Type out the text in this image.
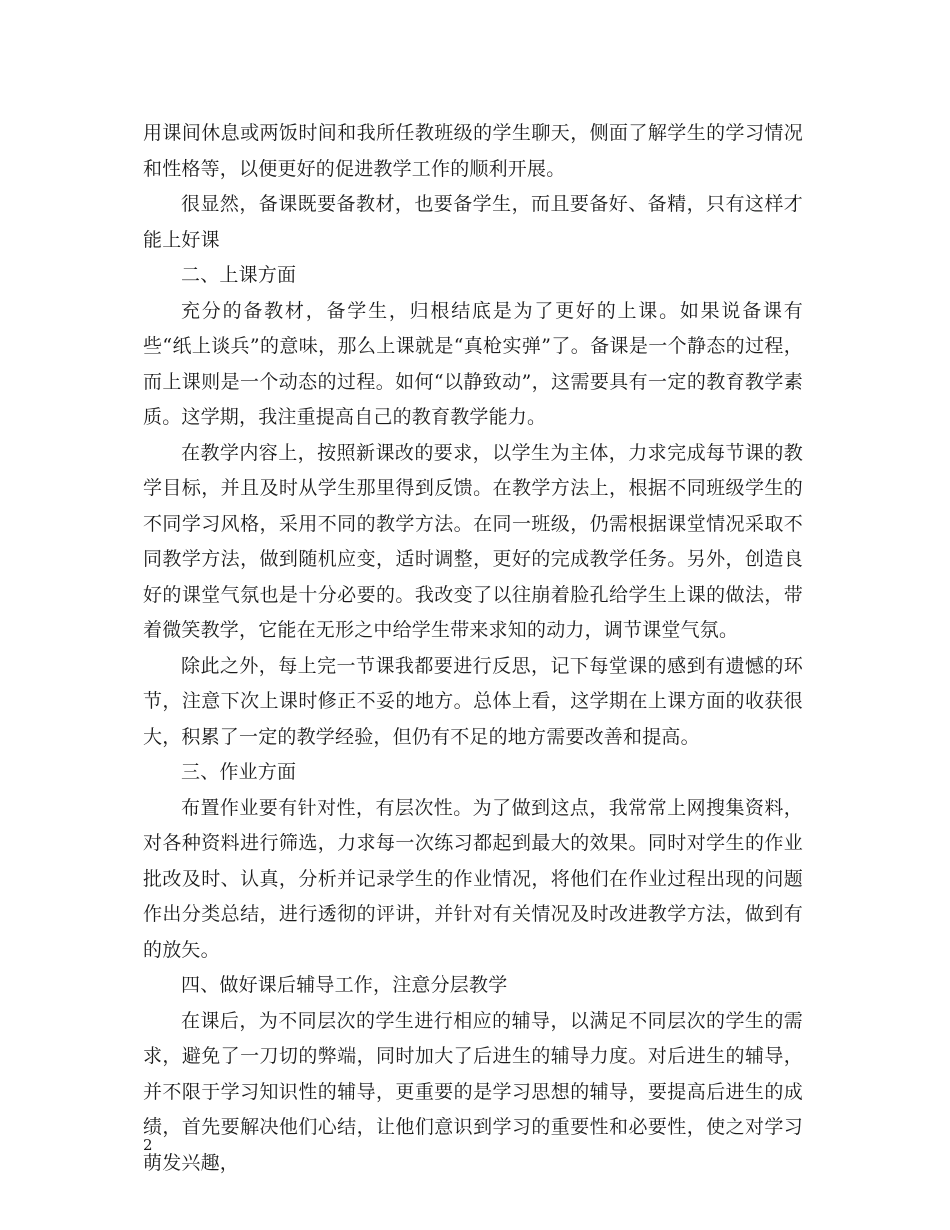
用课间休息或两饭时间和我所任教班级的学生聊天，侧面了解学生的学习情况和性格等，以便更好的促进教学工作的顺利开展。

很显然，备课既要备教材，也要备学生，而且要备好、备精，只有这样才能上好课

二、上课方面

充分的备教材，备学生，归根结底是为了更好的上课。如果说备课有些“纸上谈兵”的意味，那么上课就是“真枪实弹”了。备课是一个静态的过程，而上课则是一个动态的过程。如何“以静致动”，这需要具有一定的教育教学素质。这学期，我注重提高自己的教育教学能力。

在教学内容上，按照新课改的要求，以学生为主体，力求完成每节课的教学目标，并且及时从学生那里得到反馈。在教学方法上，根据不同班级学生的不同学习风格，采用不同的教学方法。在同一班级，仍需根据课堂情况采取不同教学方法，做到随机应变，适时调整，更好的完成教学任务。另外，创造良好的课堂气氛也是十分必要的。我改变了以往崩着脸孔给学生上课的做法，带着微笑教学，它能在无形之中给学生带来求知的动力，调节课堂气氛。

除此之外，每上完一节课我都要进行反思，记下每堂课的感到有遗憾的环节，注意下次上课时修正不妥的地方。总体上看，这学期在上课方面的收获很大，积累了一定的教学经验，但仍有不足的地方需要改善和提高。

三、作业方面

布置作业要有针对性，有层次性。为了做到这点，我常常上网搜集资料，对各种资料进行筛选，力求每一次练习都起到最大的效果。同时对学生的作业批改及时、认真，分析并记录学生的作业情况，将他们在作业过程出现的问题作出分类总结，进行透彻的评讲，并针对有关情况及时改进教学方法，做到有的放矢。

四、做好课后辅导工作，注意分层教学

在课后，为不同层次的学生进行相应的辅导，以满足不同层次的学生的需求，避免了一刀切的弊端，同时加大了后进生的辅导力度。对后进生的辅导，并不限于学习知识性的辅导，更重要的是学习思想的辅导，要提高后进生的成绩，首先要解决他们心结，让他们意识到学习的重要性和必要性，使之对学习萌发兴趣，

2
